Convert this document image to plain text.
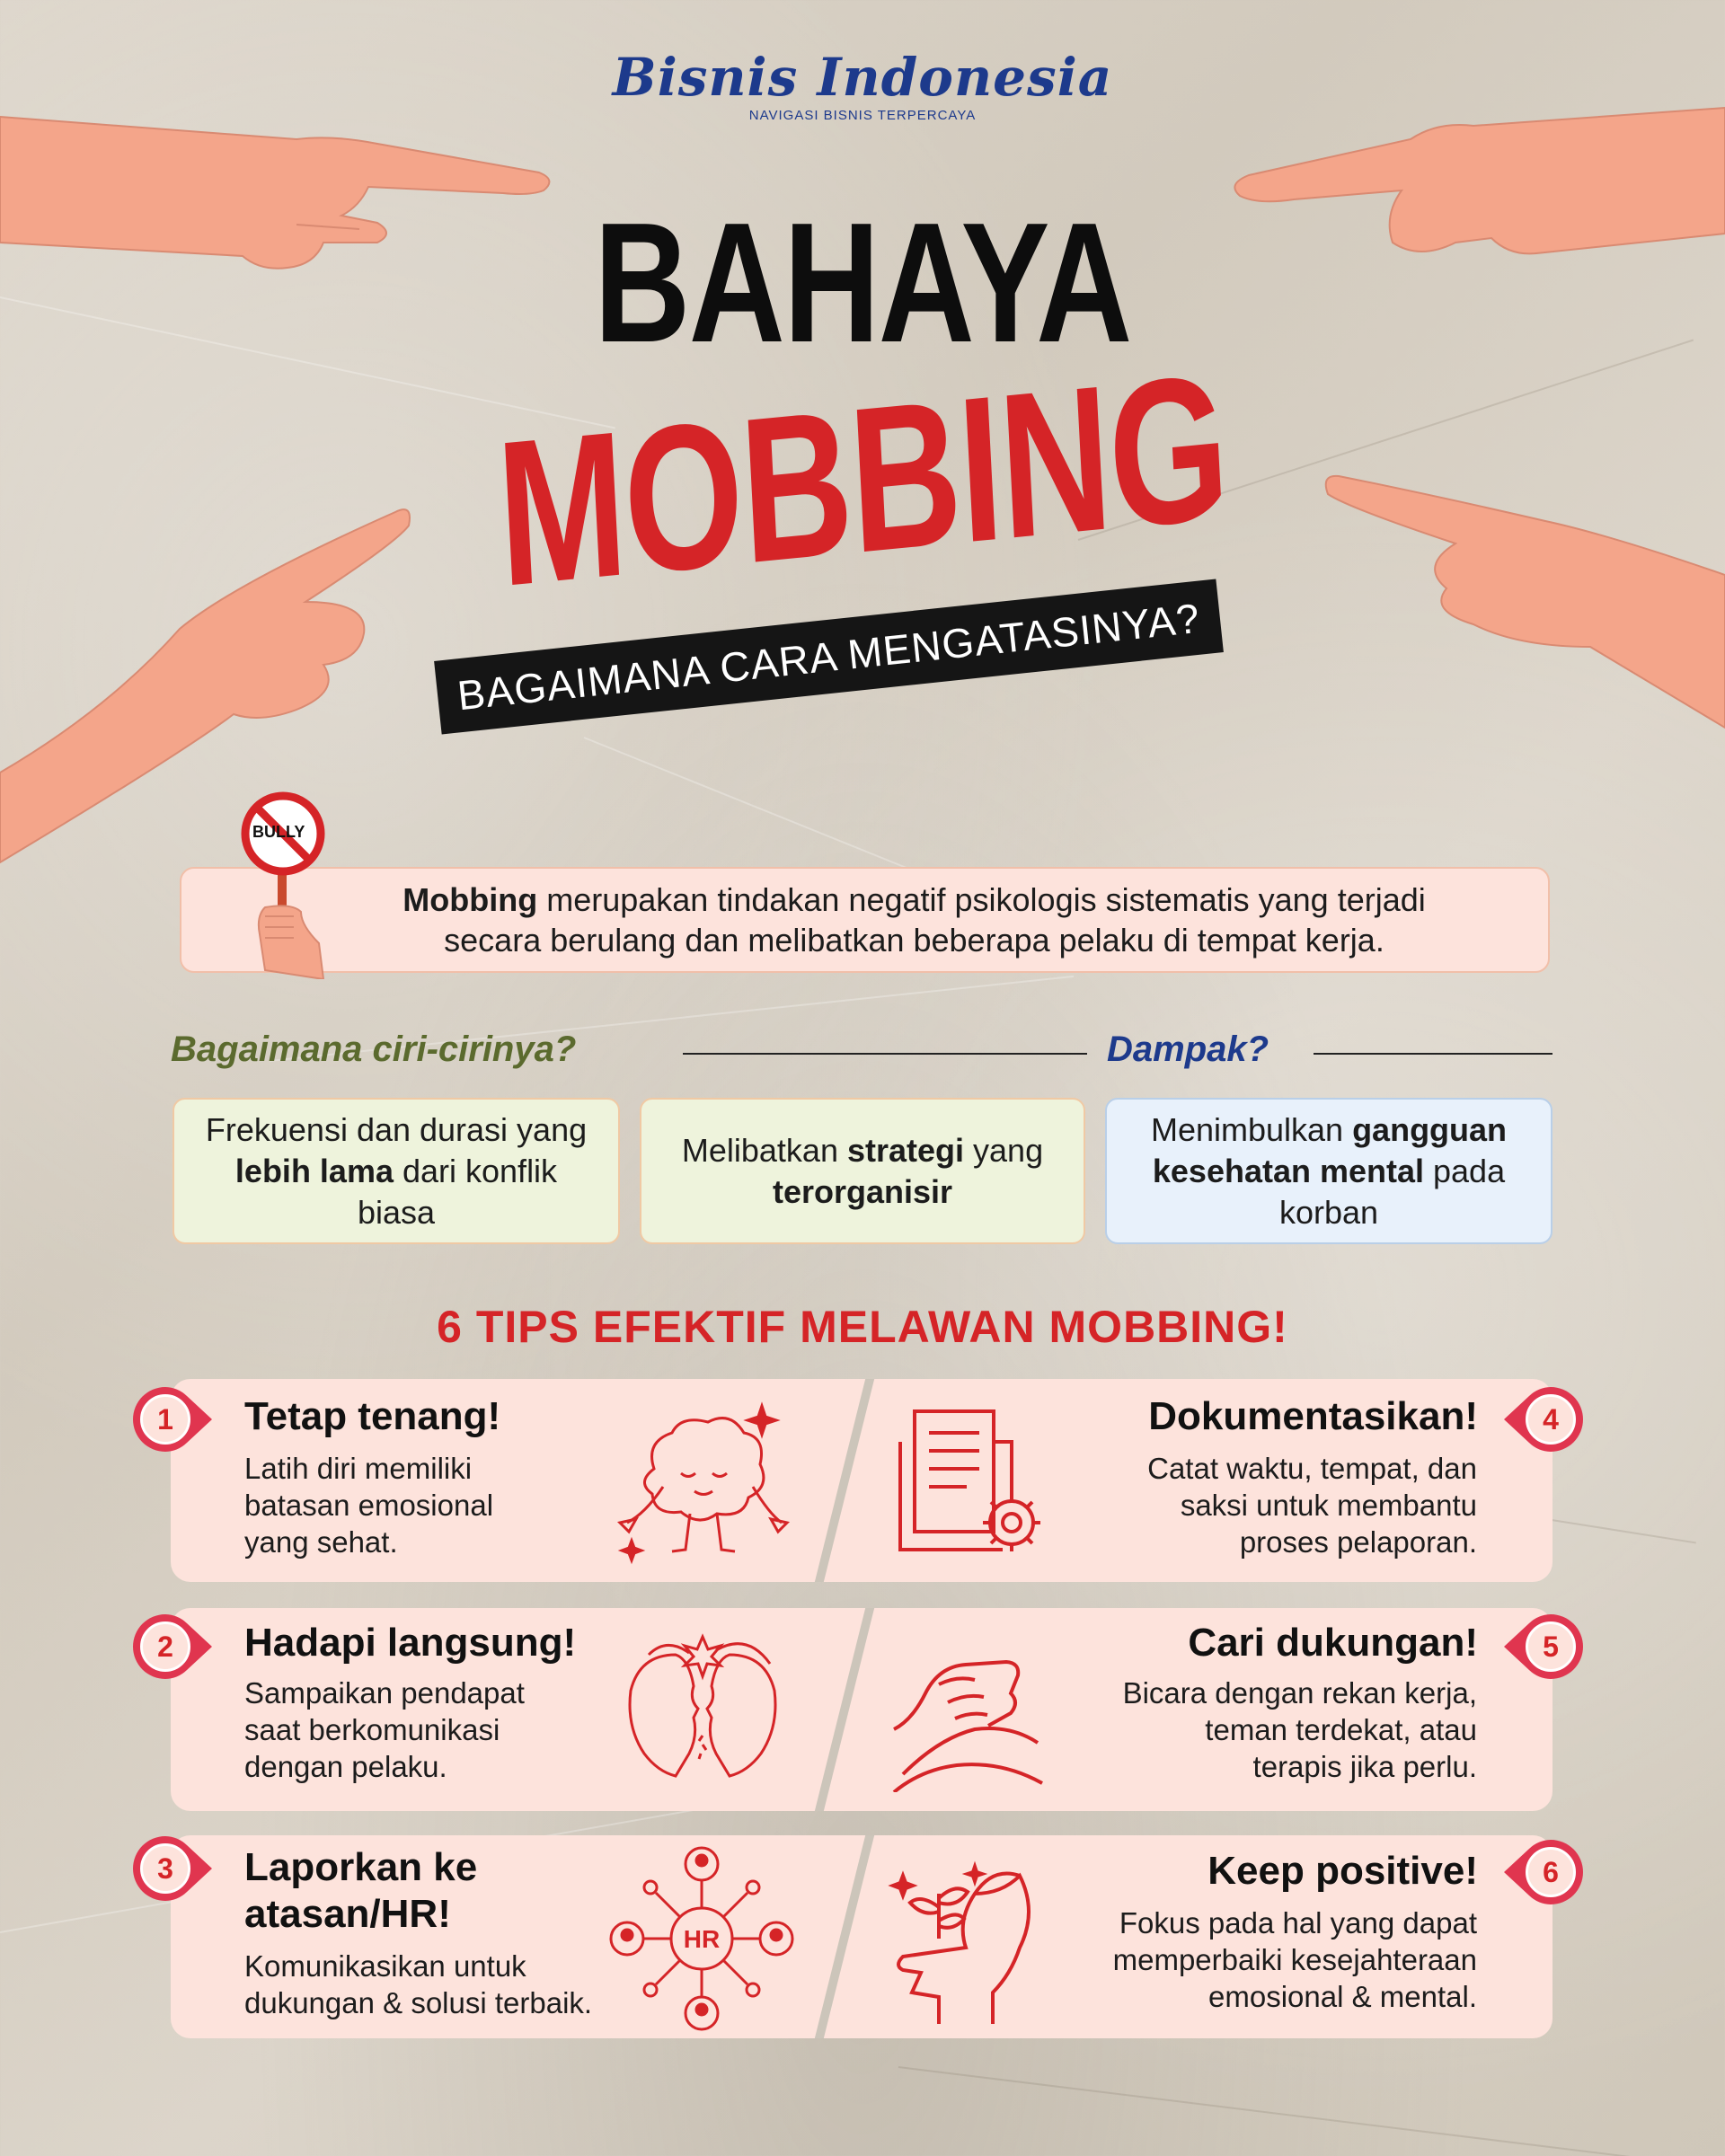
Bisnis Indonesia
NAVIGASI BISNIS TERPERCAYA
BAHAYA
MOBBING
BAGAIMANA CARA MENGATASINYA?
Mobbing merupakan tindakan negatif psikologis sistematis yang terjadi
secara berulang dan melibatkan beberapa pelaku di tempat kerja.
BULLY
Bagaimana ciri-cirinya?	Dampak?
Frekuensi dan durasi yang lebih lama dari konflik biasa
Melibatkan strategi yang terorganisir
Menimbulkan gangguan kesehatan mental pada korban
6 TIPS EFEKTIF MELAWAN MOBBING!
1
2
3
4
5
6
Tetap tenang!
Latih diri memiliki
batasan emosional
yang sehat.
Hadapi langsung!
Sampaikan pendapat
saat berkomunikasi
dengan pelaku.
Laporkan ke
atasan/HR!
Komunikasikan untuk
dukungan & solusi terbaik.
HR
Dokumentasikan!
Catat waktu, tempat, dan
saksi untuk membantu
proses pelaporan.
Cari dukungan!
Bicara dengan rekan kerja,
teman terdekat, atau
terapis jika perlu.
Keep positive!
Fokus pada hal yang dapat
memperbaiki kesejahteraan
emosional & mental.
